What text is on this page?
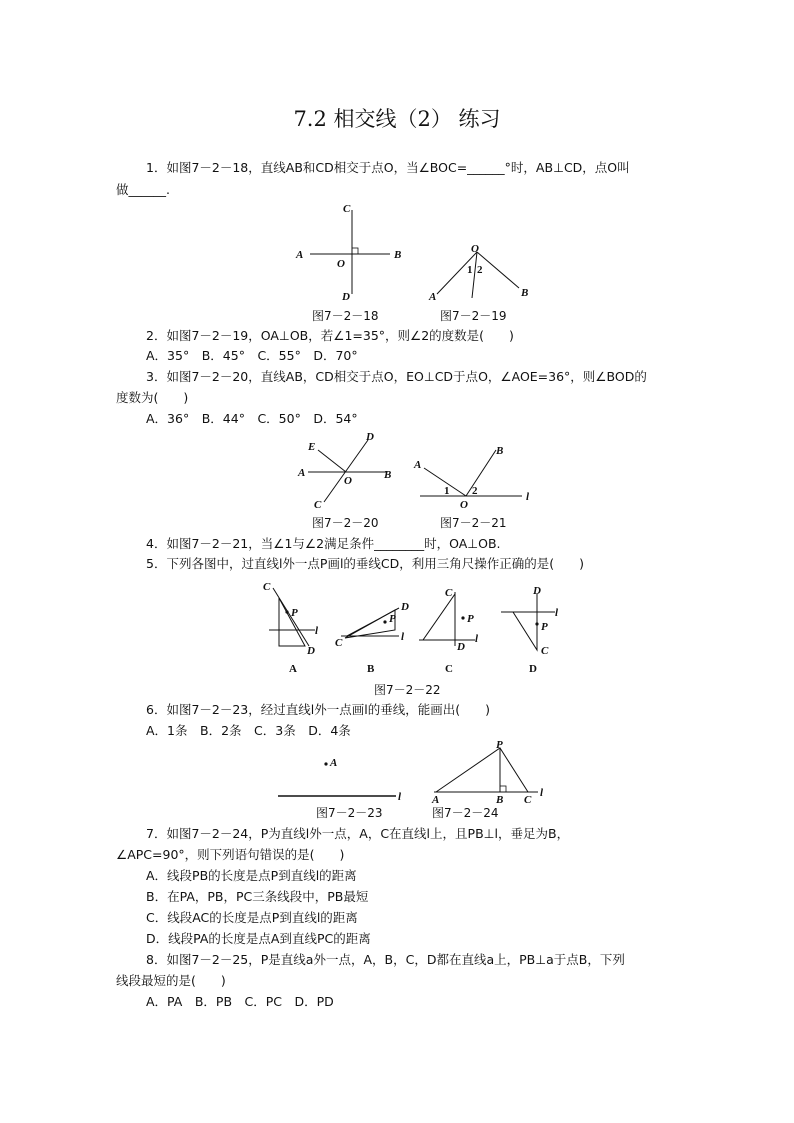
7.2 相交线（2） 练习
1．如图7－2－18，直线AB和CD相交于点O，当∠BOC=______°时，AB⊥CD，点O叫
做______.
A	B
C
D
O
图7－2－18
O
A	B
1 2
图7－2－19
2．如图7－2－19，OA⊥OB，若∠1=35°，则∠2的度数是(　　)
A．35°　B．45°　C．55°　D．70°
3．如图7－2－20，直线AB，CD相交于点O，EO⊥CD于点O，∠AOE=36°，则∠BOD的
度数为(　　)
A．36°　B．44°　C．50°　D．54°
E
D
A	B
O
C
图7－2－20
A
B
1 2
O
l
图7－2－21
4．如图7－2－21，当∠1与∠2满足条件________时，OA⊥OB.
5．下列各图中，过直线l外一点P画l的垂线CD，利用三角尺操作正确的是(　　)
C
P
l
D
A
C
P
D
l
B
C
P
l
D
C
D
l
P
C
D
图7－2－22
6．如图7－2－23，经过直线l外一点画l的垂线，能画出(　　)
A．1条　B．2条　C．3条　D．4条
A
l
图7－2－23
P
A	B C
l
图7－2－24
7．如图7－2－24，P为直线l外一点，A，C在直线l上，且PB⊥l，垂足为B，
∠APC=90°，则下列语句错误的是(　　)
A．线段PB的长度是点P到直线l的距离
B．在PA，PB，PC三条线段中，PB最短
C．线段AC的长度是点P到直线l的距离
D．线段PA的长度是点A到直线PC的距离
8．如图7－2－25，P是直线a外一点，A，B，C，D都在直线a上，PB⊥a于点B，下列
线段最短的是(　　)
A．PA　B．PB　C．PC　D．PD
